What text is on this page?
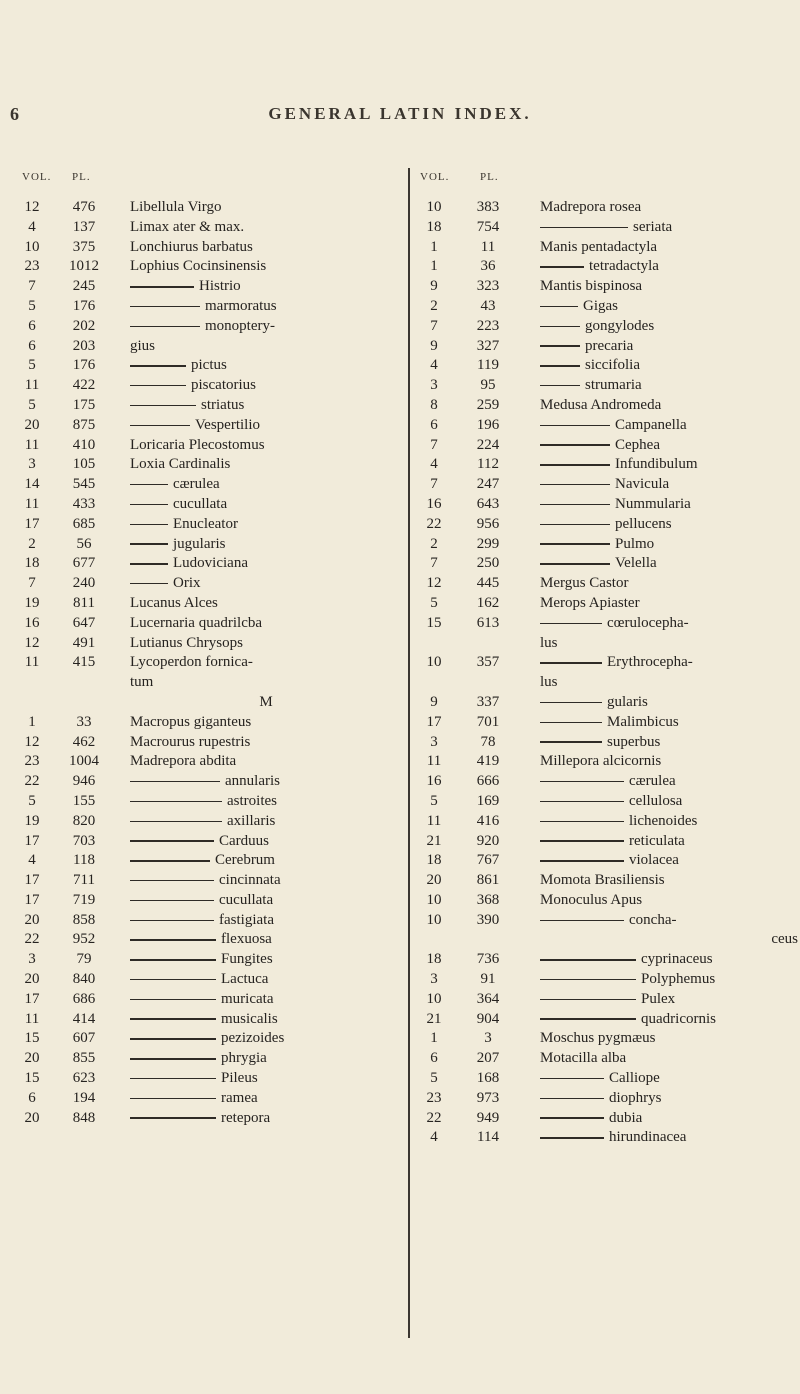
6	GENERAL LATIN INDEX.
VOL. PL.	VOL.	PL.
12	476	Libellula Virgo
4	137	Limax ater & max.
10	375	Lonchiurus barbatus
23	1012	Lophius Cocinsinensis
7	245	Histrio
5	176	marmoratus
6	202	monoptery-
6	203	gius
5	176	pictus
11	422	piscatorius
5	175	striatus
20	875	Vespertilio
11	410	Loricaria Plecostomus
3	105	Loxia Cardinalis
14	545	cærulea
11	433	cucullata
17	685	Enucleator
2	56	jugularis
18	677	Ludoviciana
7	240	Orix
19	811	Lucanus Alces
16	647	Lucernaria quadrilcba
12	491	Lutianus Chrysops
11	415	Lycoperdon fornica-
tum
M
1	33	Macropus giganteus
12	462	Macrourus rupestris
23	1004	Madrepora abdita
22	946	annularis
5	155	astroites
19	820	axillaris
17	703	Carduus
4	118	Cerebrum
17	711	cincinnata
17	719	cucullata
20	858	fastigiata
22	952	flexuosa
3	79	Fungites
20	840	Lactuca
17	686	muricata
11	414	musicalis
15	607	pezizoides
20	855	phrygia
15	623	Pileus
6	194	ramea
20	848	retepora
10	383	Madrepora rosea
18	754	seriata
1	11	Manis pentadactyla
1	36	tetradactyla
9	323	Mantis bispinosa
2	43	Gigas
7	223	gongylodes
9	327	precaria
4	119	siccifolia
3	95	strumaria
8	259	Medusa Andromeda
6	196	Campanella
7	224	Cephea
4	112	Infundibulum
7	247	Navicula
16	643	Nummularia
22	956	pellucens
2	299	Pulmo
7	250	Velella
12	445	Mergus Castor
5	162	Merops Apiaster
15	613	cœrulocepha-
lus
10	357	Erythrocepha-
lus
9	337	gularis
17	701	Malimbicus
3	78	superbus
11	419	Millepora alcicornis
16	666	cærulea
5	169	cellulosa
11	416	lichenoides
21	920	reticulata
18	767	violacea
20	861	Momota Brasiliensis
10	368	Monoculus Apus
10	390	concha-
ceus
18	736	cyprinaceus
3	91	Polyphemus
10	364	Pulex
21	904	quadricornis
1	3	Moschus pygmæus
6	207	Motacilla alba
5	168	Calliope
23	973	diophrys
22	949	dubia
4	114	hirundinacea
